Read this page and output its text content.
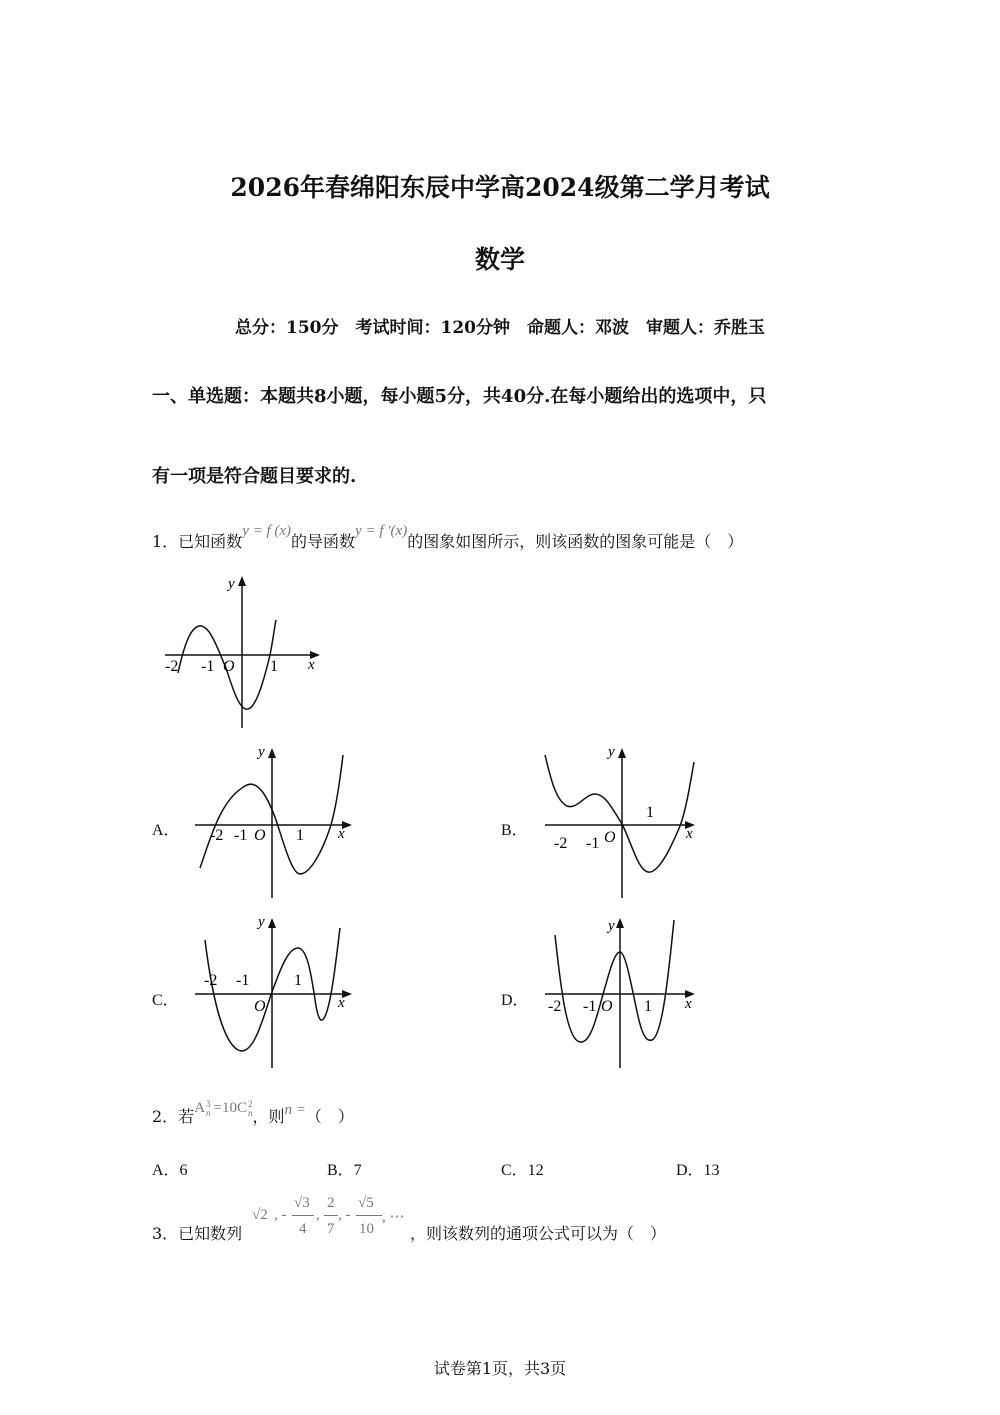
2026年春绵阳东辰中学高2024级第二学月考试
数学
总分：150分　考试时间：120分钟　命题人：邓波　审题人：乔胜玉
一、单选题：本题共8小题，每小题5分，共40分.在每小题给出的选项中，只
有一项是符合题目要求的.
1．已知函数y = f (x)的导函数y = f ′(x)的图象如图所示，则该函数的图象可能是（　）
y
x
O
-2 -1	1
A．
y
x
O
-2 -1	1	B．
y
x
O
-2 -1
1
C．
y
x
O
-2 -1	1
D．
y
x
O
-2 -1	1
2．若A 3
n =10C 2
n ，则n =（　）
A．6	B．7	C．12	D．13
3．已知数列
√2 , -
√3
4
,
2
7
, -
√5
10
, ⋯
，则该数列的通项公式可以为（　）
试卷第1页，共3页
